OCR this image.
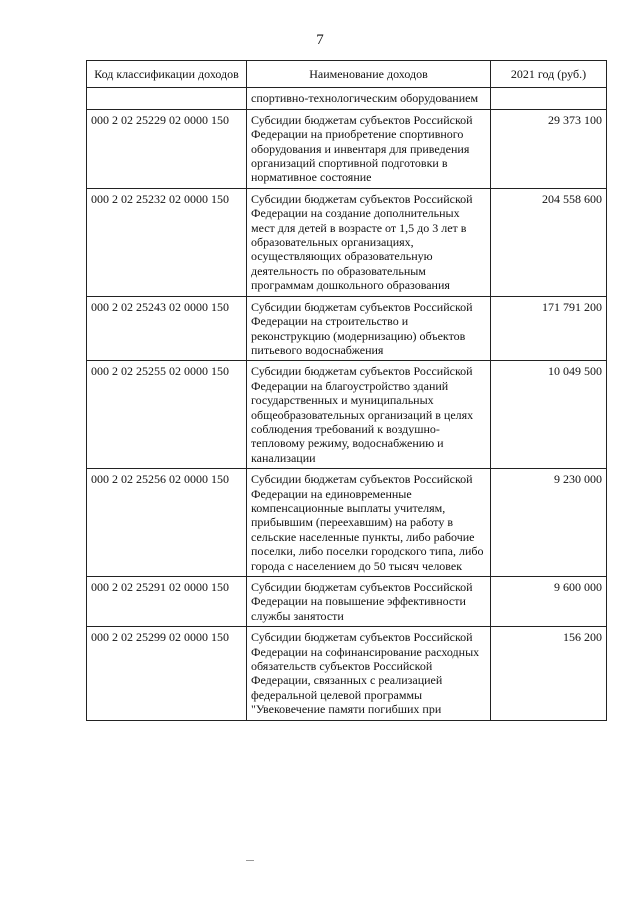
7
Код классификации доходов	Наименование доходов	2021 год (руб.)
	спортивно-технологическим оборудованием	
000 2 02 25229 02 0000 150	Субсидии бюджетам субъектов Российской Федерации на приобретение спортивного оборудования и инвентаря для приведения организаций спортивной подготовки в нормативное состояние	29 373 100
000 2 02 25232 02 0000 150	Субсидии бюджетам субъектов Российской Федерации на создание дополнительных мест для детей в возрасте от 1,5 до 3 лет в образовательных организациях, осуществляющих образовательную деятельность по образовательным программам дошкольного образования	204 558 600
000 2 02 25243 02 0000 150	Субсидии бюджетам субъектов Российской Федерации на строительство и реконструкцию (модернизацию) объектов питьевого водоснабжения	171 791 200
000 2 02 25255 02 0000 150	Субсидии бюджетам субъектов Российской Федерации на благоустройство зданий государственных и муниципальных общеобразовательных организаций в целях соблюдения требований к воздушно-тепловому режиму, водоснабжению и канализации	10 049 500
000 2 02 25256 02 0000 150	Субсидии бюджетам субъектов Российской Федерации на единовременные компенсационные выплаты учителям, прибывшим (переехавшим) на работу в сельские населенные пункты, либо рабочие поселки, либо поселки городского типа, либо города с населением до 50 тысяч человек	9 230 000
000 2 02 25291 02 0000 150	Субсидии бюджетам субъектов Российской Федерации на повышение эффективности службы занятости	9 600 000
000 2 02 25299 02 0000 150	Субсидии бюджетам субъектов Российской Федерации на софинансирование расходных обязательств субъектов Российской Федерации, связанных с реализацией федеральной целевой программы "Увековечение памяти погибших при	156 200
